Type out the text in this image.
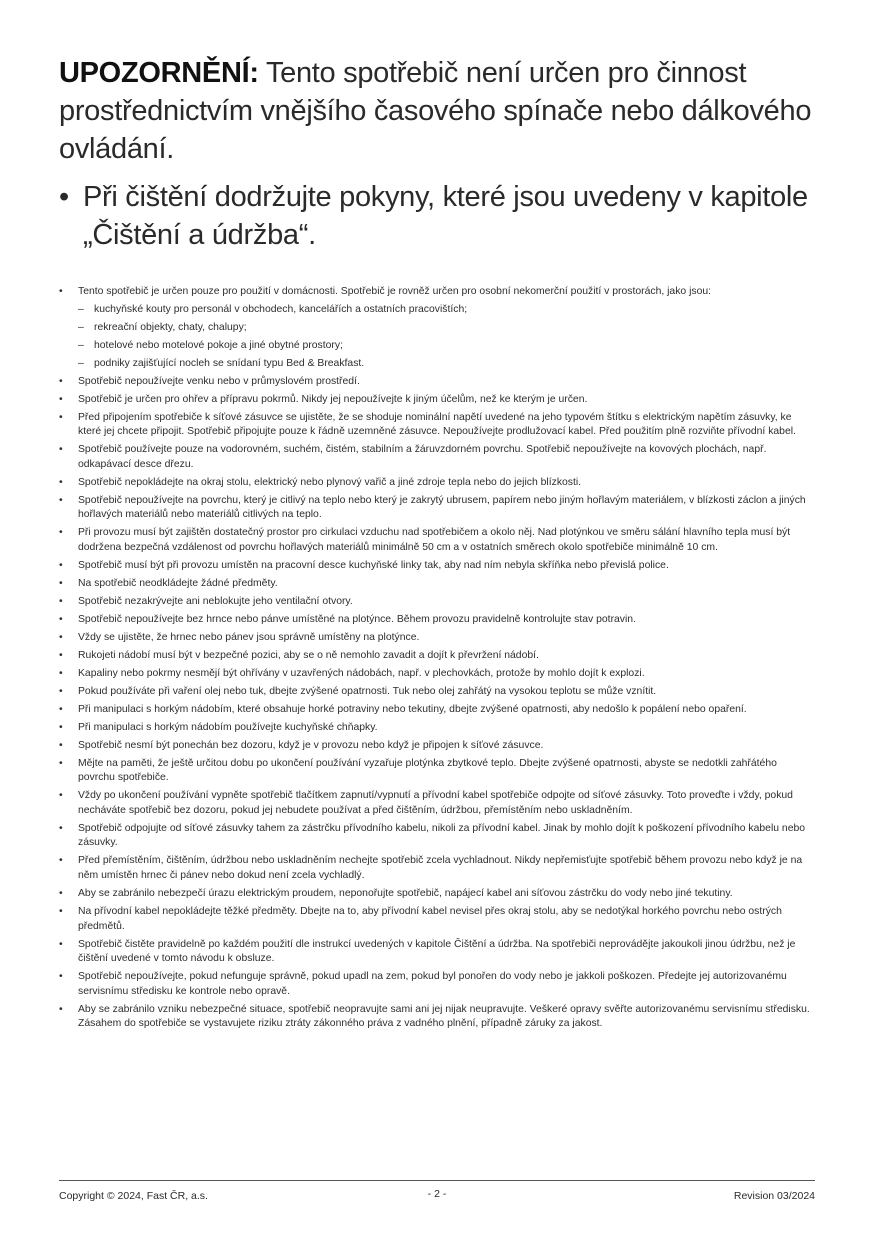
UPOZORNĚNÍ: Tento spotřebič není určen pro činnost prostřednictvím vnějšího časového spínače nebo dálkového ovládání.

• Při čištění dodržujte pokyny, které jsou uvedeny v kapitole „Čištění a údržba“.
• Tento spotřebič je určen pouze pro použití v domácnosti. Spotřebič je rovněž určen pro osobní nekomerční použití v prostorách, jako jsou:
– kuchyňské kouty pro personál v obchodech, kancelářích a ostatních pracovištích;
– rekreační objekty, chaty, chalupy;
– hotelové nebo motelové pokoje a jiné obytné prostory;
– podniky zajišťující nocleh se snídaní typu Bed & Breakfast.
• Spotřebič nepoužívejte venku nebo v průmyslovém prostředí.
• Spotřebič je určen pro ohřev a přípravu pokrmů. Nikdy jej nepoužívejte k jiným účelům, než ke kterým je určen.
• Před připojením spotřebiče k síťové zásuvce se ujistěte, že se shoduje nominální napětí uvedené na jeho typovém štítku s elektrickým napětím zásuvky, ke které jej chcete připojit. Spotřebič připojujte pouze k řádně uzemněné zásuvce. Nepoužívejte prodlužovací kabel. Před použitím plně rozviňte přívodní kabel.
• Spotřebič používejte pouze na vodorovném, suchém, čistém, stabilním a žáruvzdorném povrchu. Spotřebič nepoužívejte na kovových plochách, např. odkapávací desce dřezu.
• Spotřebič nepokládejte na okraj stolu, elektrický nebo plynový vařič a jiné zdroje tepla nebo do jejich blízkosti.
• Spotřebič nepoužívejte na povrchu, který je citlivý na teplo nebo který je zakrytý ubrusem, papírem nebo jiným hořlavým materiálem, v blízkosti záclon a jiných hořlavých materiálů nebo materiálů citlivých na teplo.
• Při provozu musí být zajištěn dostatečný prostor pro cirkulaci vzduchu nad spotřebičem a okolo něj. Nad plotýnkou ve směru sálání hlavního tepla musí být dodržena bezpečná vzdálenost od povrchu hořlavých materiálů minimálně 50 cm a v ostatních směrech okolo spotřebiče minimálně 10 cm.
• Spotřebič musí být při provozu umístěn na pracovní desce kuchyňské linky tak, aby nad ním nebyla skříňka nebo převislá police.
• Na spotřebič neodkládejte žádné předměty.
• Spotřebič nezakrývejte ani neblokujte jeho ventilační otvory.
• Spotřebič nepoužívejte bez hrnce nebo pánve umístěné na plotýnce. Během provozu pravidelně kontrolujte stav potravin.
• Vždy se ujistěte, že hrnec nebo pánev jsou správně umístěny na plotýnce.
• Rukojeti nádobí musí být v bezpečné pozici, aby se o ně nemohlo zavadit a dojít k převržení nádobí.
• Kapaliny nebo pokrmy nesmějí být ohřívány v uzavřených nádobách, např. v plechovkách, protože by mohlo dojít k explozi.
• Pokud používáte při vaření olej nebo tuk, dbejte zvýšené opatrnosti. Tuk nebo olej zahřátý na vysokou teplotu se může vznítit.
• Při manipulaci s horkým nádobím, které obsahuje horké potraviny nebo tekutiny, dbejte zvýšené opatrnosti, aby nedošlo k popálení nebo opaření.
• Při manipulaci s horkým nádobím používejte kuchyňské chňapky.
• Spotřebič nesmí být ponechán bez dozoru, když je v provozu nebo když je připojen k síťové zásuvce.
• Mějte na paměti, že ještě určitou dobu po ukončení používání vyzařuje plotýnka zbytkové teplo. Dbejte zvýšené opatrnosti, abyste se nedotkli zahřátého povrchu spotřebiče.
• Vždy po ukončení používání vypněte spotřebič tlačítkem zapnutí/vypnutí a přívodní kabel spotřebiče odpojte od síťové zásuvky. Toto proveďte i vždy, pokud necháváte spotřebič bez dozoru, pokud jej nebudete používat a před čištěním, údržbou, přemístěním nebo uskladněním.
• Spotřebič odpojujte od síťové zásuvky tahem za zástrčku přívodního kabelu, nikoli za přívodní kabel. Jinak by mohlo dojít k poškození přívodního kabelu nebo zásuvky.
• Před přemístěním, čištěním, údržbou nebo uskladněním nechejte spotřebič zcela vychladnout. Nikdy nepřemisťujte spotřebič během provozu nebo když je na něm umístěn hrnec či pánev nebo dokud není zcela vychladlý.
• Aby se zabránilo nebezpečí úrazu elektrickým proudem, neponořujte spotřebič, napájecí kabel ani síťovou zástrčku do vody nebo jiné tekutiny.
• Na přívodní kabel nepokládejte těžké předměty. Dbejte na to, aby přívodní kabel nevisel přes okraj stolu, aby se nedotýkal horkého povrchu nebo ostrých předmětů.
• Spotřebič čistěte pravidelně po každém použití dle instrukcí uvedených v kapitole Čištění a údržba. Na spotřebiči neprovádějte jakoukoli jinou údržbu, než je čištění uvedené v tomto návodu k obsluze.
• Spotřebič nepoužívejte, pokud nefunguje správně, pokud upadl na zem, pokud byl ponořen do vody nebo je jakkoli poškozen. Předejte jej autorizovanému servisnímu středisku ke kontrole nebo opravě.
• Aby se zabránilo vzniku nebezpečné situace, spotřebič neopravujte sami ani jej nijak neupravujte. Veškeré opravy svěřte autorizovanému servisnímu středisku. Zásahem do spotřebiče se vystavujete riziku ztráty zákonného práva z vadného plnění, případně záruky za jakost.
Copyright © 2024, Fast ČR, a.s.	- 2 -	Revision 03/2024
